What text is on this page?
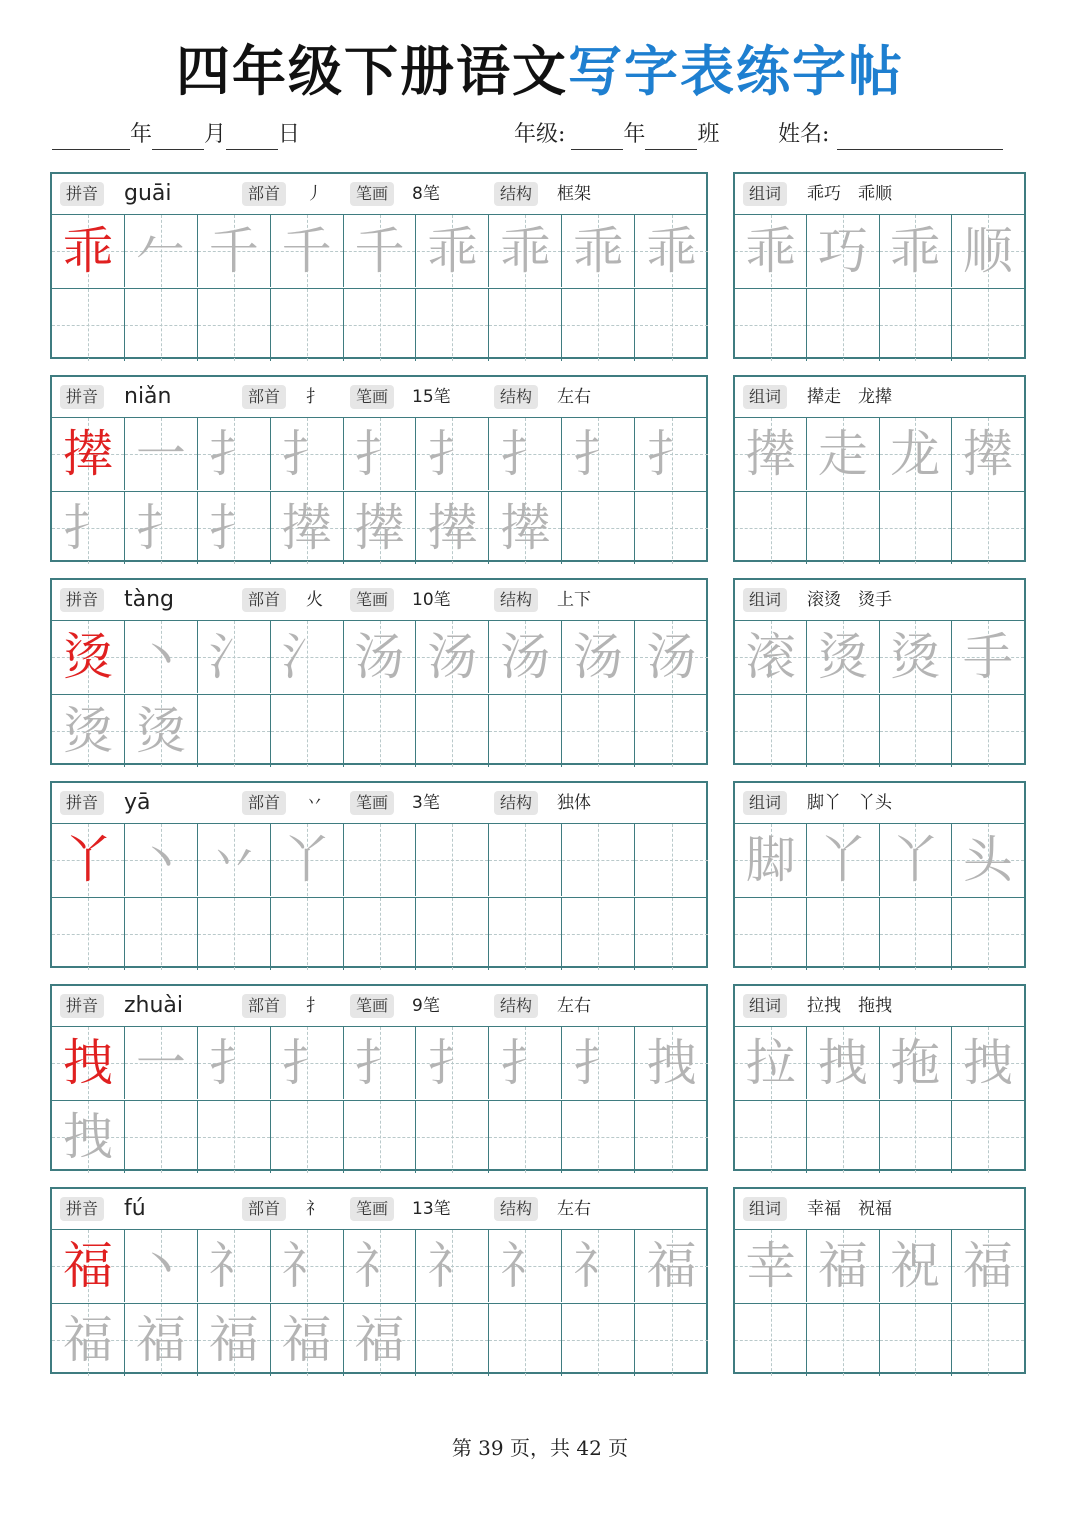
四年级下册语文写字表练字帖
年 月 日	年级:	年 班	姓名:
拼音 guāi	部首	丿	笔画	8笔	结构	框架
乖 𠂉 千 千 千 乖 乖 乖 乖
组词	乖巧　乖顺
乖 巧 乖 顺
拼音 niǎn	部首	扌	笔画	15笔	结构	左右
撵 一 扌 扌 扌 扌 扌 扌 扌
扌 扌 扌 撵 撵 撵 撵
组词	撵走　龙撵
撵 走 龙 撵
拼音 tàng	部首	火	笔画	10笔	结构	上下
烫 丶 氵 氵 汤 汤 汤 汤 汤
烫 烫
组词	滚烫　烫手
滚 烫 烫 手
拼音 yā	部首	丷	笔画	3笔	结构	独体
丫 丶 丷 丫
组词	脚丫　丫头
脚 丫 丫 头
拼音 zhuài	部首	扌	笔画	9笔	结构	左右
拽 一 扌 扌 扌 扌 扌 扌 拽
拽
组词	拉拽　拖拽
拉 拽 拖 拽
拼音 fú	部首	礻	笔画	13笔	结构	左右
福 丶 礻 礻 礻 礻 礻 礻 福
福 福 福 福 福
组词	幸福　祝福
幸 福 祝 福
第 39 页，共 42 页
